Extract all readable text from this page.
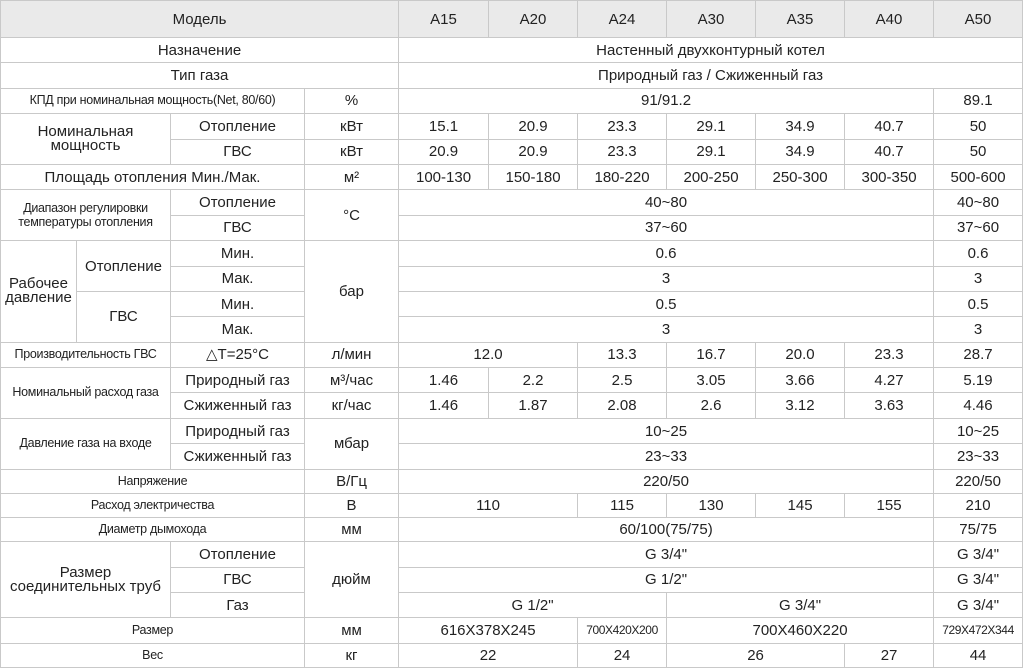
Модель				A15	A20	A24	A30	A35	A40	A50
Назначение				Настенный двухконтурный котел						
Тип газа				Природный газ / Сжиженный газ						
КПД при номинальная мощность(Net, 80/60)			%	91/91.2						89.1
Номинальная мощность		Отопление	кВт	15.1	20.9	23.3	29.1	34.9	40.7	50
		ГВС	кВт	20.9	20.9	23.3	29.1	34.9	40.7	50
Площадь отопления Мин./Мак.			м²	100-130	150-180	180-220	200-250	250-300	300-350	500-600
Диапазон регулировки температуры отопления		Отопление	°C	40~80						40~80
		ГВС		37~60						37~60
Рабочее давление	Отопление	Мин.	бар	0.6						0.6
		Мак.		3						3
	ГВС	Мин.		0.5						0.5
		Мак.		3						3
Производительность ГВС		△T=25°C	л/мин	12.0		13.3	16.7	20.0	23.3	28.7
Номинальный расход газа		Природный газ	м³/час	1.46	2.2	2.5	3.05	3.66	4.27	5.19
		Сжиженный газ	кг/час	1.46	1.87	2.08	2.6	3.12	3.63	4.46
Давление газа на входе		Природный газ	мбар	10~25						10~25
		Сжиженный газ		23~33						23~33
Напряжение			В/Гц	220/50						220/50
Расход электричества			В	110		115	130	145	155	210
Диаметр дымохода			мм	60/100(75/75)						75/75
Размер соединительных труб		Отопление	дюйм	G 3/4"						G 3/4"
		ГВС		G 1/2"						G 3/4"
		Газ		G 1/2"			G 3/4"			G 3/4"
Размер			мм	616X378X245		700X420X200	700X460X220			729X472X344
Вес			кг	22		24	26		27	44
